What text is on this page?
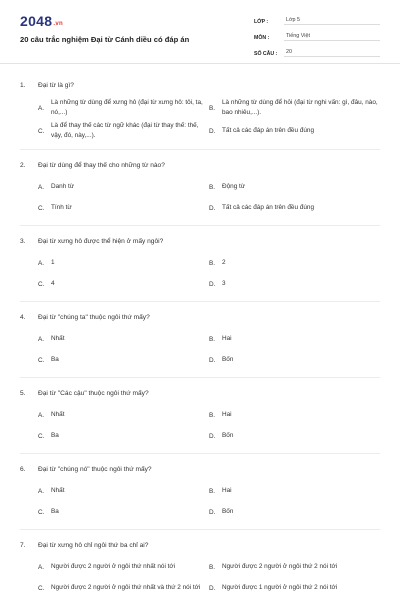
2048.vn
20 câu trắc nghiệm Đại từ Cánh diều có đáp án
LỚP :	Lớp 5
MÔN :	Tiếng Việt
SỐ CÂU :	20
1.	Đại từ là gì?
A.
Là những từ dùng để xưng hô (đại từ xưng hô: tôi, ta, nó,...)
B.
Là những từ dùng để hỏi (đại từ nghi vấn: gì, đâu, nào, bao nhiêu,...).
C.
Là để thay thế các từ ngữ khác (đại từ thay thế: thế, vậy, đó, này,...).
D.	Tất cả các đáp án trên đều đúng
2.	Đại từ dùng để thay thế cho những từ nào?
A.	Danh từ	B.	Động từ
C.	Tính từ	D.	Tất cả các đáp án trên đều đúng
3.	Đại từ xưng hô được thể hiện ở mấy ngôi?
A.	1	B.	2
C.	4	D.	3
4.	Đại từ "chúng ta" thuộc ngôi thứ mấy?
A.	Nhất	B.	Hai
C.	Ba	D.	Bốn
5.	Đại từ "Các cậu" thuộc ngôi thứ mấy?
A.	Nhất	B.	Hai
C.	Ba	D.	Bốn
6.	Đại từ "chúng nó" thuộc ngôi thứ mấy?
A.	Nhất	B.	Hai
C.	Ba	D.	Bốn
7.	Đại từ xưng hô chỉ ngôi thứ ba chỉ ai?
A.	Người được 2 người ở ngôi thứ nhất nói tới	B.	Người được 2 người ở ngôi thứ 2 nói tới
C.	Người được 2 người ở ngôi thứ nhất và thứ 2 nói tới D.	Người được 1 người ở ngôi thứ 2 nói tới
